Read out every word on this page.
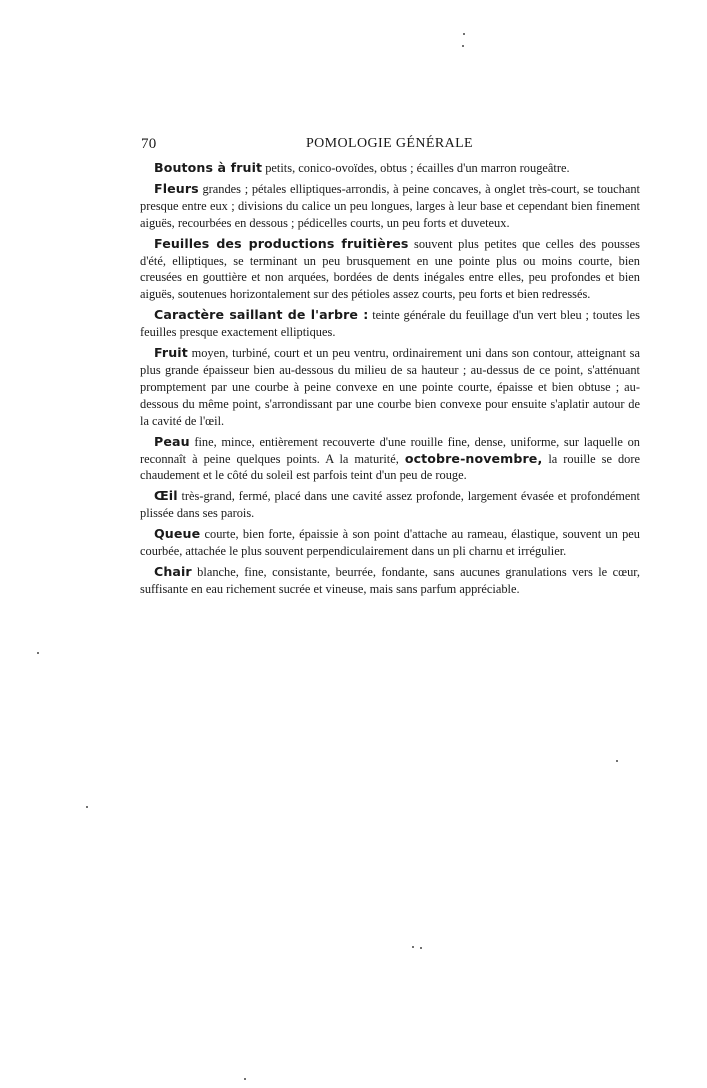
70	POMOLOGIE GÉNÉRALE

Boutons à fruit petits, conico-ovoïdes, obtus ; écailles d'un marron rougeâtre.

Fleurs grandes ; pétales elliptiques-arrondis, à peine concaves, à onglet très-court, se touchant presque entre eux ; divisions du calice un peu longues, larges à leur base et cependant bien finement aiguës, recourbées en dessous ; pédicelles courts, un peu forts et duveteux.

Feuilles des productions fruitières souvent plus petites que celles des pousses d'été, elliptiques, se terminant un peu brusquement en une pointe plus ou moins courte, bien creusées en gouttière et non arquées, bordées de dents inégales entre elles, peu profondes et bien aiguës, soutenues horizontalement sur des pétioles assez courts, peu forts et bien redressés.

Caractère saillant de l'arbre : teinte générale du feuillage d'un vert bleu ; toutes les feuilles presque exactement elliptiques.

Fruit moyen, turbiné, court et un peu ventru, ordinairement uni dans son contour, atteignant sa plus grande épaisseur bien au-dessous du milieu de sa hauteur ; au-dessus de ce point, s'atténuant promptement par une courbe à peine convexe en une pointe courte, épaisse et bien obtuse ; au-dessous du même point, s'arrondissant par une courbe bien convexe pour ensuite s'aplatir autour de la cavité de l'œil.

Peau fine, mince, entièrement recouverte d'une rouille fine, dense, uniforme, sur laquelle on reconnaît à peine quelques points. A la maturité, octobre-novembre, la rouille se dore chaudement et le côté du soleil est parfois teint d'un peu de rouge.

Œil très-grand, fermé, placé dans une cavité assez profonde, largement évasée et profondément plissée dans ses parois.

Queue courte, bien forte, épaissie à son point d'attache au rameau, élastique, souvent un peu courbée, attachée le plus souvent perpendiculairement dans un pli charnu et irrégulier.

Chair blanche, fine, consistante, beurrée, fondante, sans aucunes granulations vers le cœur, suffisante en eau richement sucrée et vineuse, mais sans parfum appréciable.
